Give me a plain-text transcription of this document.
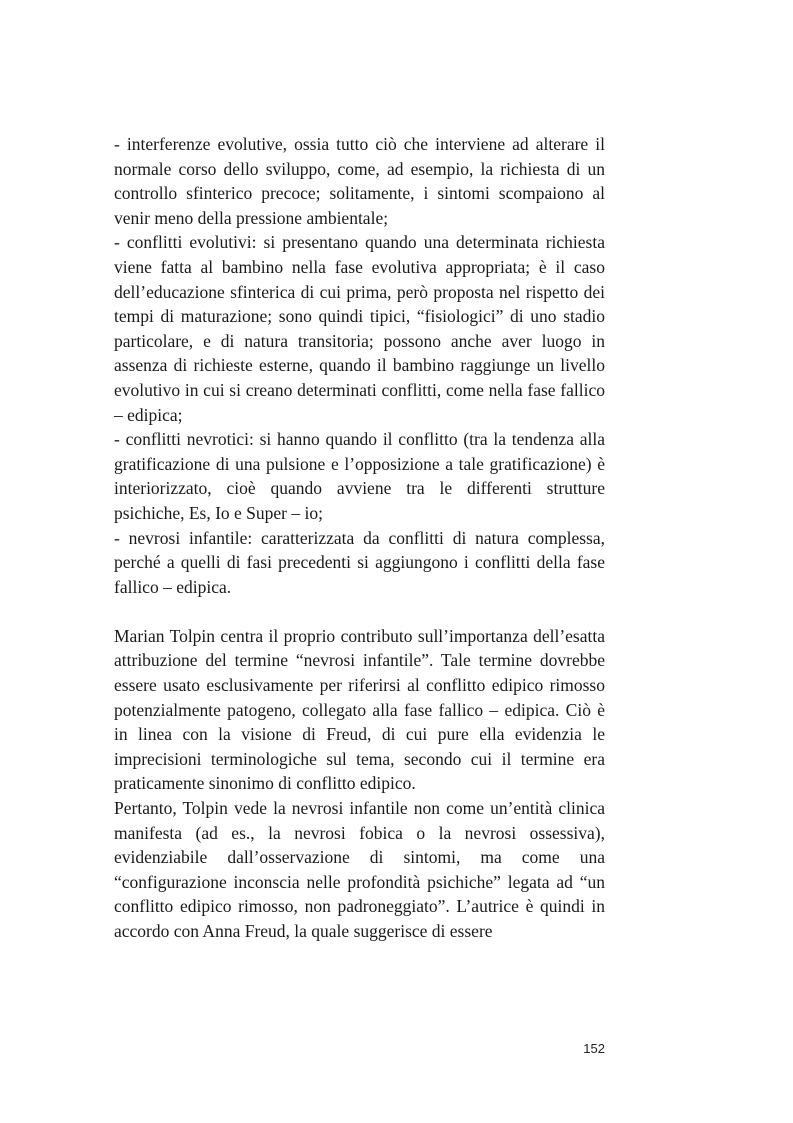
- interferenze evolutive, ossia tutto ciò che interviene ad alterare il normale corso dello sviluppo, come, ad esempio, la richiesta di un controllo sfinterico precoce; solitamente, i sintomi scompaiono al venir meno della pressione ambientale;

- conflitti evolutivi: si presentano quando una determinata richiesta viene fatta al bambino nella fase evolutiva appropriata; è il caso dell’educazione sfinterica di cui prima, però proposta nel rispetto dei tempi di maturazione; sono quindi tipici, “fisiologici” di uno stadio particolare, e di natura transitoria; possono anche aver luogo in assenza di richieste esterne, quando il bambino raggiunge un livello evolutivo in cui si creano determinati conflitti, come nella fase fallico – edipica;

- conflitti nevrotici: si hanno quando il conflitto (tra la tendenza alla gratificazione di una pulsione e l’opposizione a tale gratificazione) è interiorizzato, cioè quando avviene tra le differenti strutture psichiche, Es, Io e Super – io;

- nevrosi infantile: caratterizzata da conflitti di natura complessa, perché a quelli di fasi precedenti si aggiungono i conflitti della fase fallico – edipica.

Marian Tolpin centra il proprio contributo sull’importanza dell’esatta attribuzione del termine “nevrosi infantile”. Tale termine dovrebbe essere usato esclusivamente per riferirsi al conflitto edipico rimosso potenzialmente patogeno, collegato alla fase fallico – edipica. Ciò è in linea con la visione di Freud, di cui pure ella evidenzia le imprecisioni terminologiche sul tema, secondo cui il termine era praticamente sinonimo di conflitto edipico.

Pertanto, Tolpin vede la nevrosi infantile non come un’entità clinica manifesta (ad es., la nevrosi fobica o la nevrosi ossessiva), evidenziabile dall’osservazione di sintomi, ma come una “configurazione inconscia nelle profondità psichiche” legata ad “un conflitto edipico rimosso, non padroneggiato”. L’autrice è quindi in accordo con Anna Freud, la quale suggerisce di essere

152
